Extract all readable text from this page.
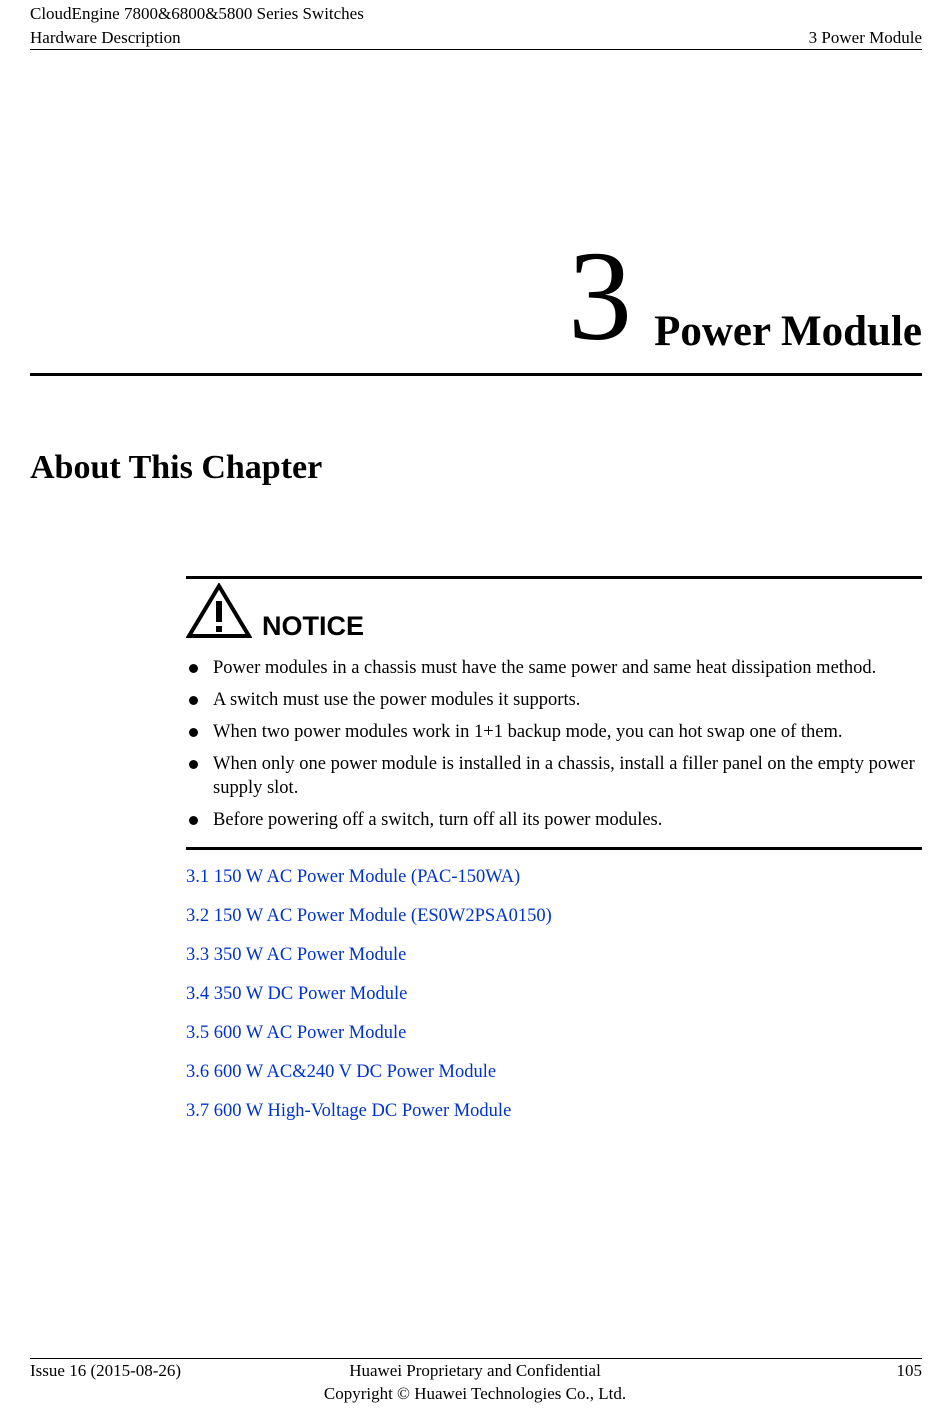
CloudEngine 7800&6800&5800 Series Switches
Hardware Description	3 Power Module
3 Power Module
About This Chapter
NOTICE
Power modules in a chassis must have the same power and same heat dissipation method.
A switch must use the power modules it supports.
When two power modules work in 1+1 backup mode, you can hot swap one of them.
When only one power module is installed in a chassis, install a filler panel on the empty power supply slot.
Before powering off a switch, turn off all its power modules.
3.1 150 W AC Power Module (PAC-150WA)
3.2 150 W AC Power Module (ES0W2PSA0150)
3.3 350 W AC Power Module
3.4 350 W DC Power Module
3.5 600 W AC Power Module
3.6 600 W AC&240 V DC Power Module
3.7 600 W High-Voltage DC Power Module
Issue 16 (2015-08-26)	Huawei Proprietary and Confidential
Copyright © Huawei Technologies Co., Ltd.
105
